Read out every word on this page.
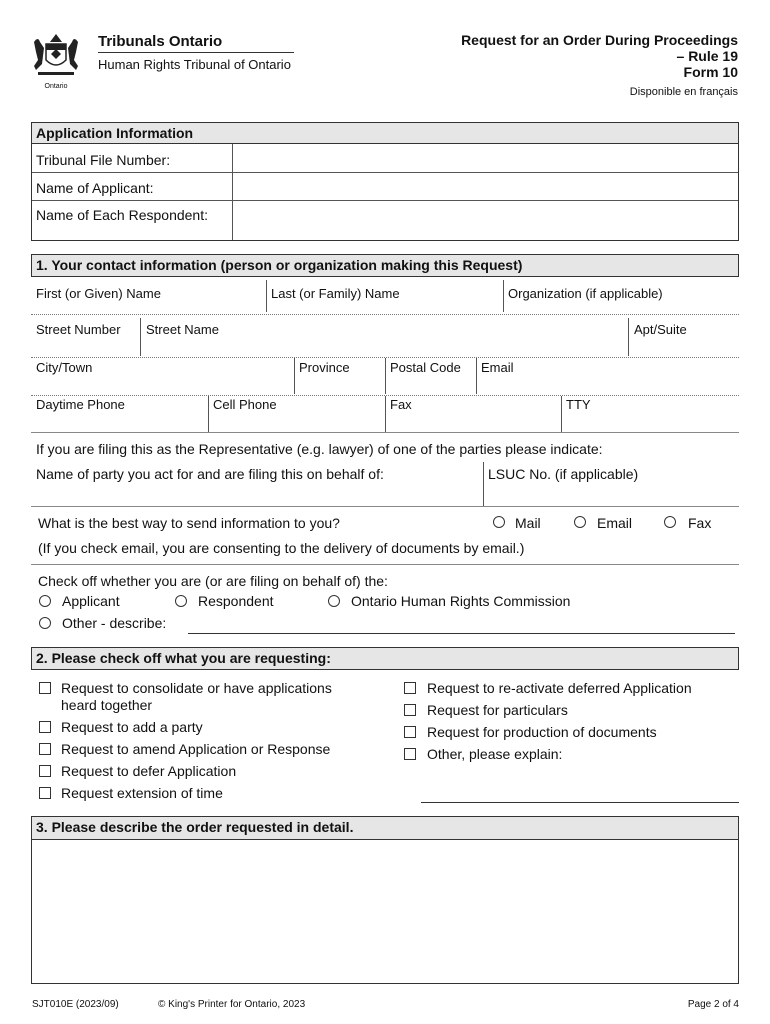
Ontario
Tribunals Ontario
Human Rights Tribunal of Ontario
Request for an Order During Proceedings
– Rule 19
Form 10
Disponible en français
Application Information
Tribunal File Number:
Name of Applicant:
Name of Each Respondent:
1. Your contact information (person or organization making this Request)
First (or Given) Name	Last (or Family) Name	Organization (if applicable)
Street Number Street Name	Apt/Suite
City/Town	Province	Postal Code Email
Daytime Phone	Cell Phone	Fax	TTY
If you are filing this as the Representative (e.g. lawyer) of one of the parties please indicate:
Name of party you act for and are filing this on behalf of:	LSUC No. (if applicable)
What is the best way to send information to you?	Mail	Email	Fax
(If you check email, you are consenting to the delivery of documents by email.)
Check off whether you are (or are filing on behalf of) the:
Applicant	Respondent	Ontario Human Rights Commission
Other - describe:
2. Please check off what you are requesting:
Request to consolidate or have applications
heard together
Request to add a party
Request to amend Application or Response
Request to defer Application
Request extension of time
Request to re-activate deferred Application
Request for particulars
Request for production of documents
Other, please explain:
3. Please describe the order requested in detail.
SJT010E (2023/09)	© King's Printer for Ontario, 2023	Page 2 of 4
